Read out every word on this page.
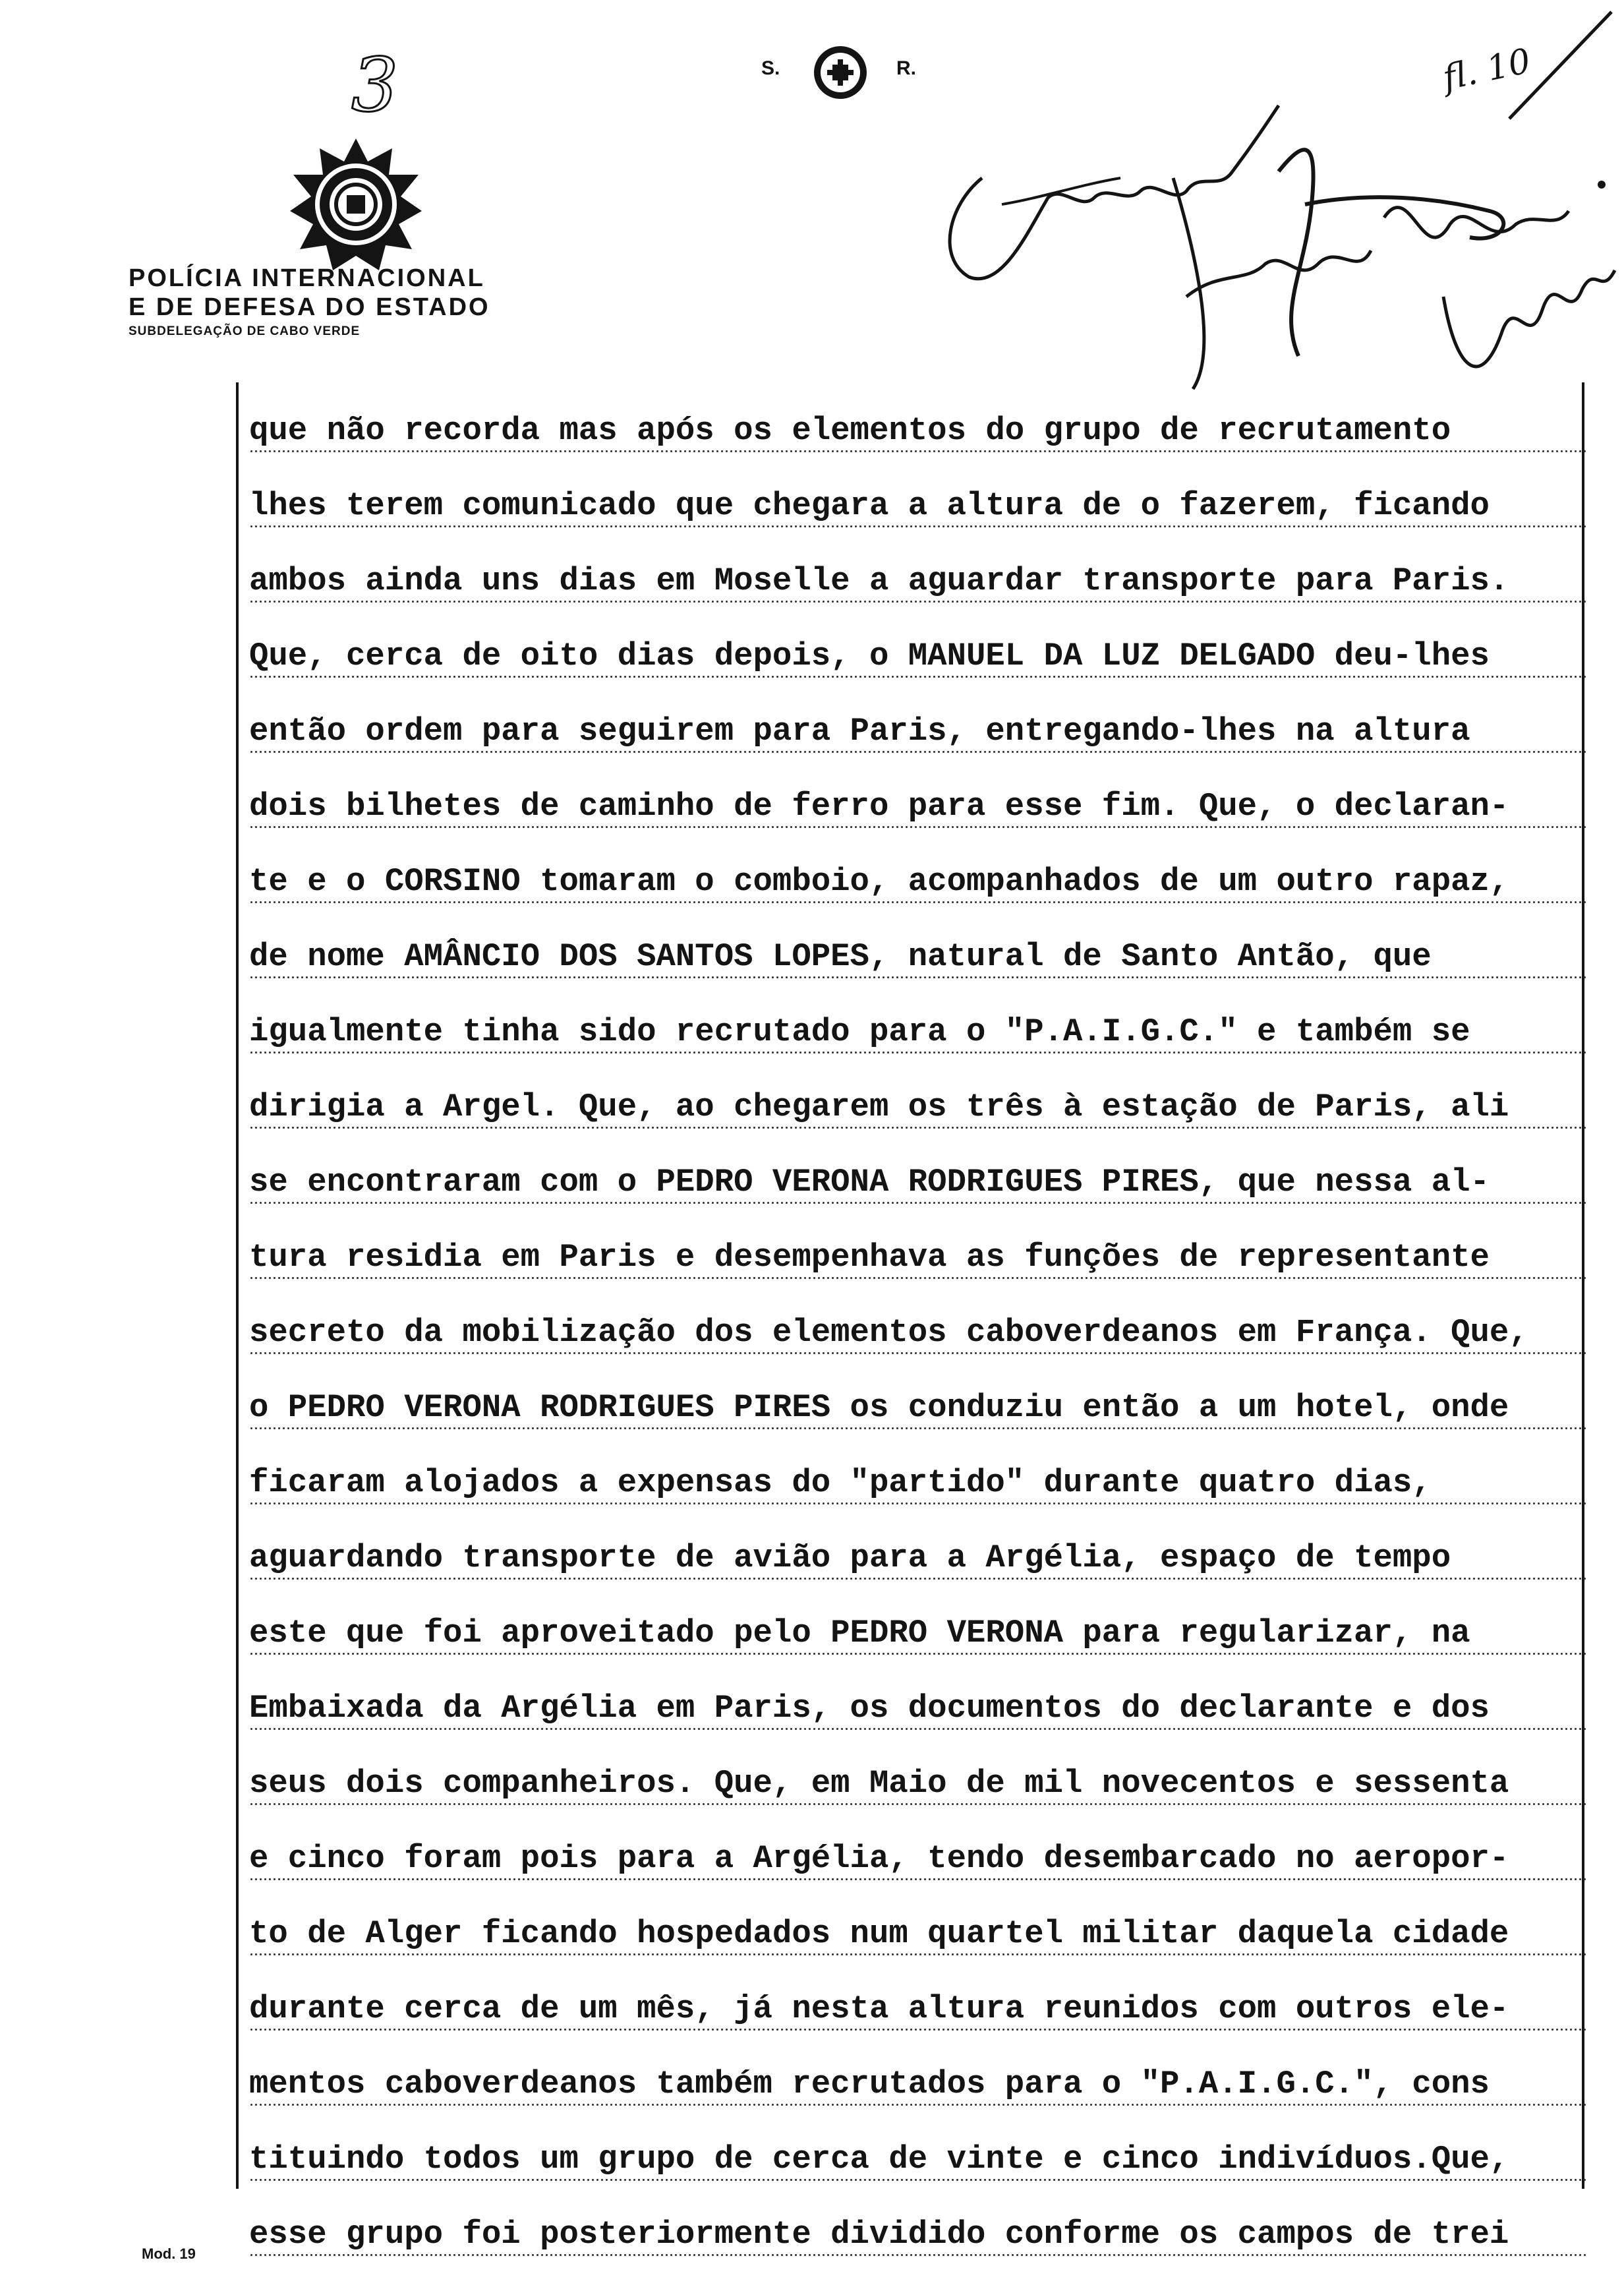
3	S.	R.	fl. 10
POLÍCIA INTERNACIONAL
E DE DEFESA DO ESTADO
SUBDELEGAÇÃO DE CABO VERDE
que não recorda mas após os elementos do grupo de recrutamento
lhes terem comunicado que chegara a altura de o fazerem, ficando
ambos ainda uns dias em Moselle a aguardar transporte para Paris.
Que, cerca de oito dias depois, o MANUEL DA LUZ DELGADO deu-lhes
então ordem para seguirem para Paris, entregando-lhes na altura
dois bilhetes de caminho de ferro para esse fim. Que, o declaran-
te e o CORSINO tomaram o comboio, acompanhados de um outro rapaz,
de nome AMÂNCIO DOS SANTOS LOPES, natural de Santo Antão, que
igualmente tinha sido recrutado para o "P.A.I.G.C." e também se
dirigia a Argel. Que, ao chegarem os três à estação de Paris, ali
se encontraram com o PEDRO VERONA RODRIGUES PIRES, que nessa al-
tura residia em Paris e desempenhava as funções de representante
secreto da mobilização dos elementos caboverdeanos em França. Que,
o PEDRO VERONA RODRIGUES PIRES os conduziu então a um hotel, onde
ficaram alojados a expensas do "partido" durante quatro dias,
aguardando transporte de avião para a Argélia, espaço de tempo
este que foi aproveitado pelo PEDRO VERONA para regularizar, na
Embaixada da Argélia em Paris, os documentos do declarante e dos
seus dois companheiros. Que, em Maio de mil novecentos e sessenta
e cinco foram pois para a Argélia, tendo desembarcado no aeropor-
to de Alger ficando hospedados num quartel militar daquela cidade
durante cerca de um mês, já nesta altura reunidos com outros ele-
mentos caboverdeanos também recrutados para o "P.A.I.G.C.", cons
tituindo todos um grupo de cerca de vinte e cinco indivíduos.Que,
esse grupo foi posteriormente dividido conforme os campos de trei
Mod. 19
